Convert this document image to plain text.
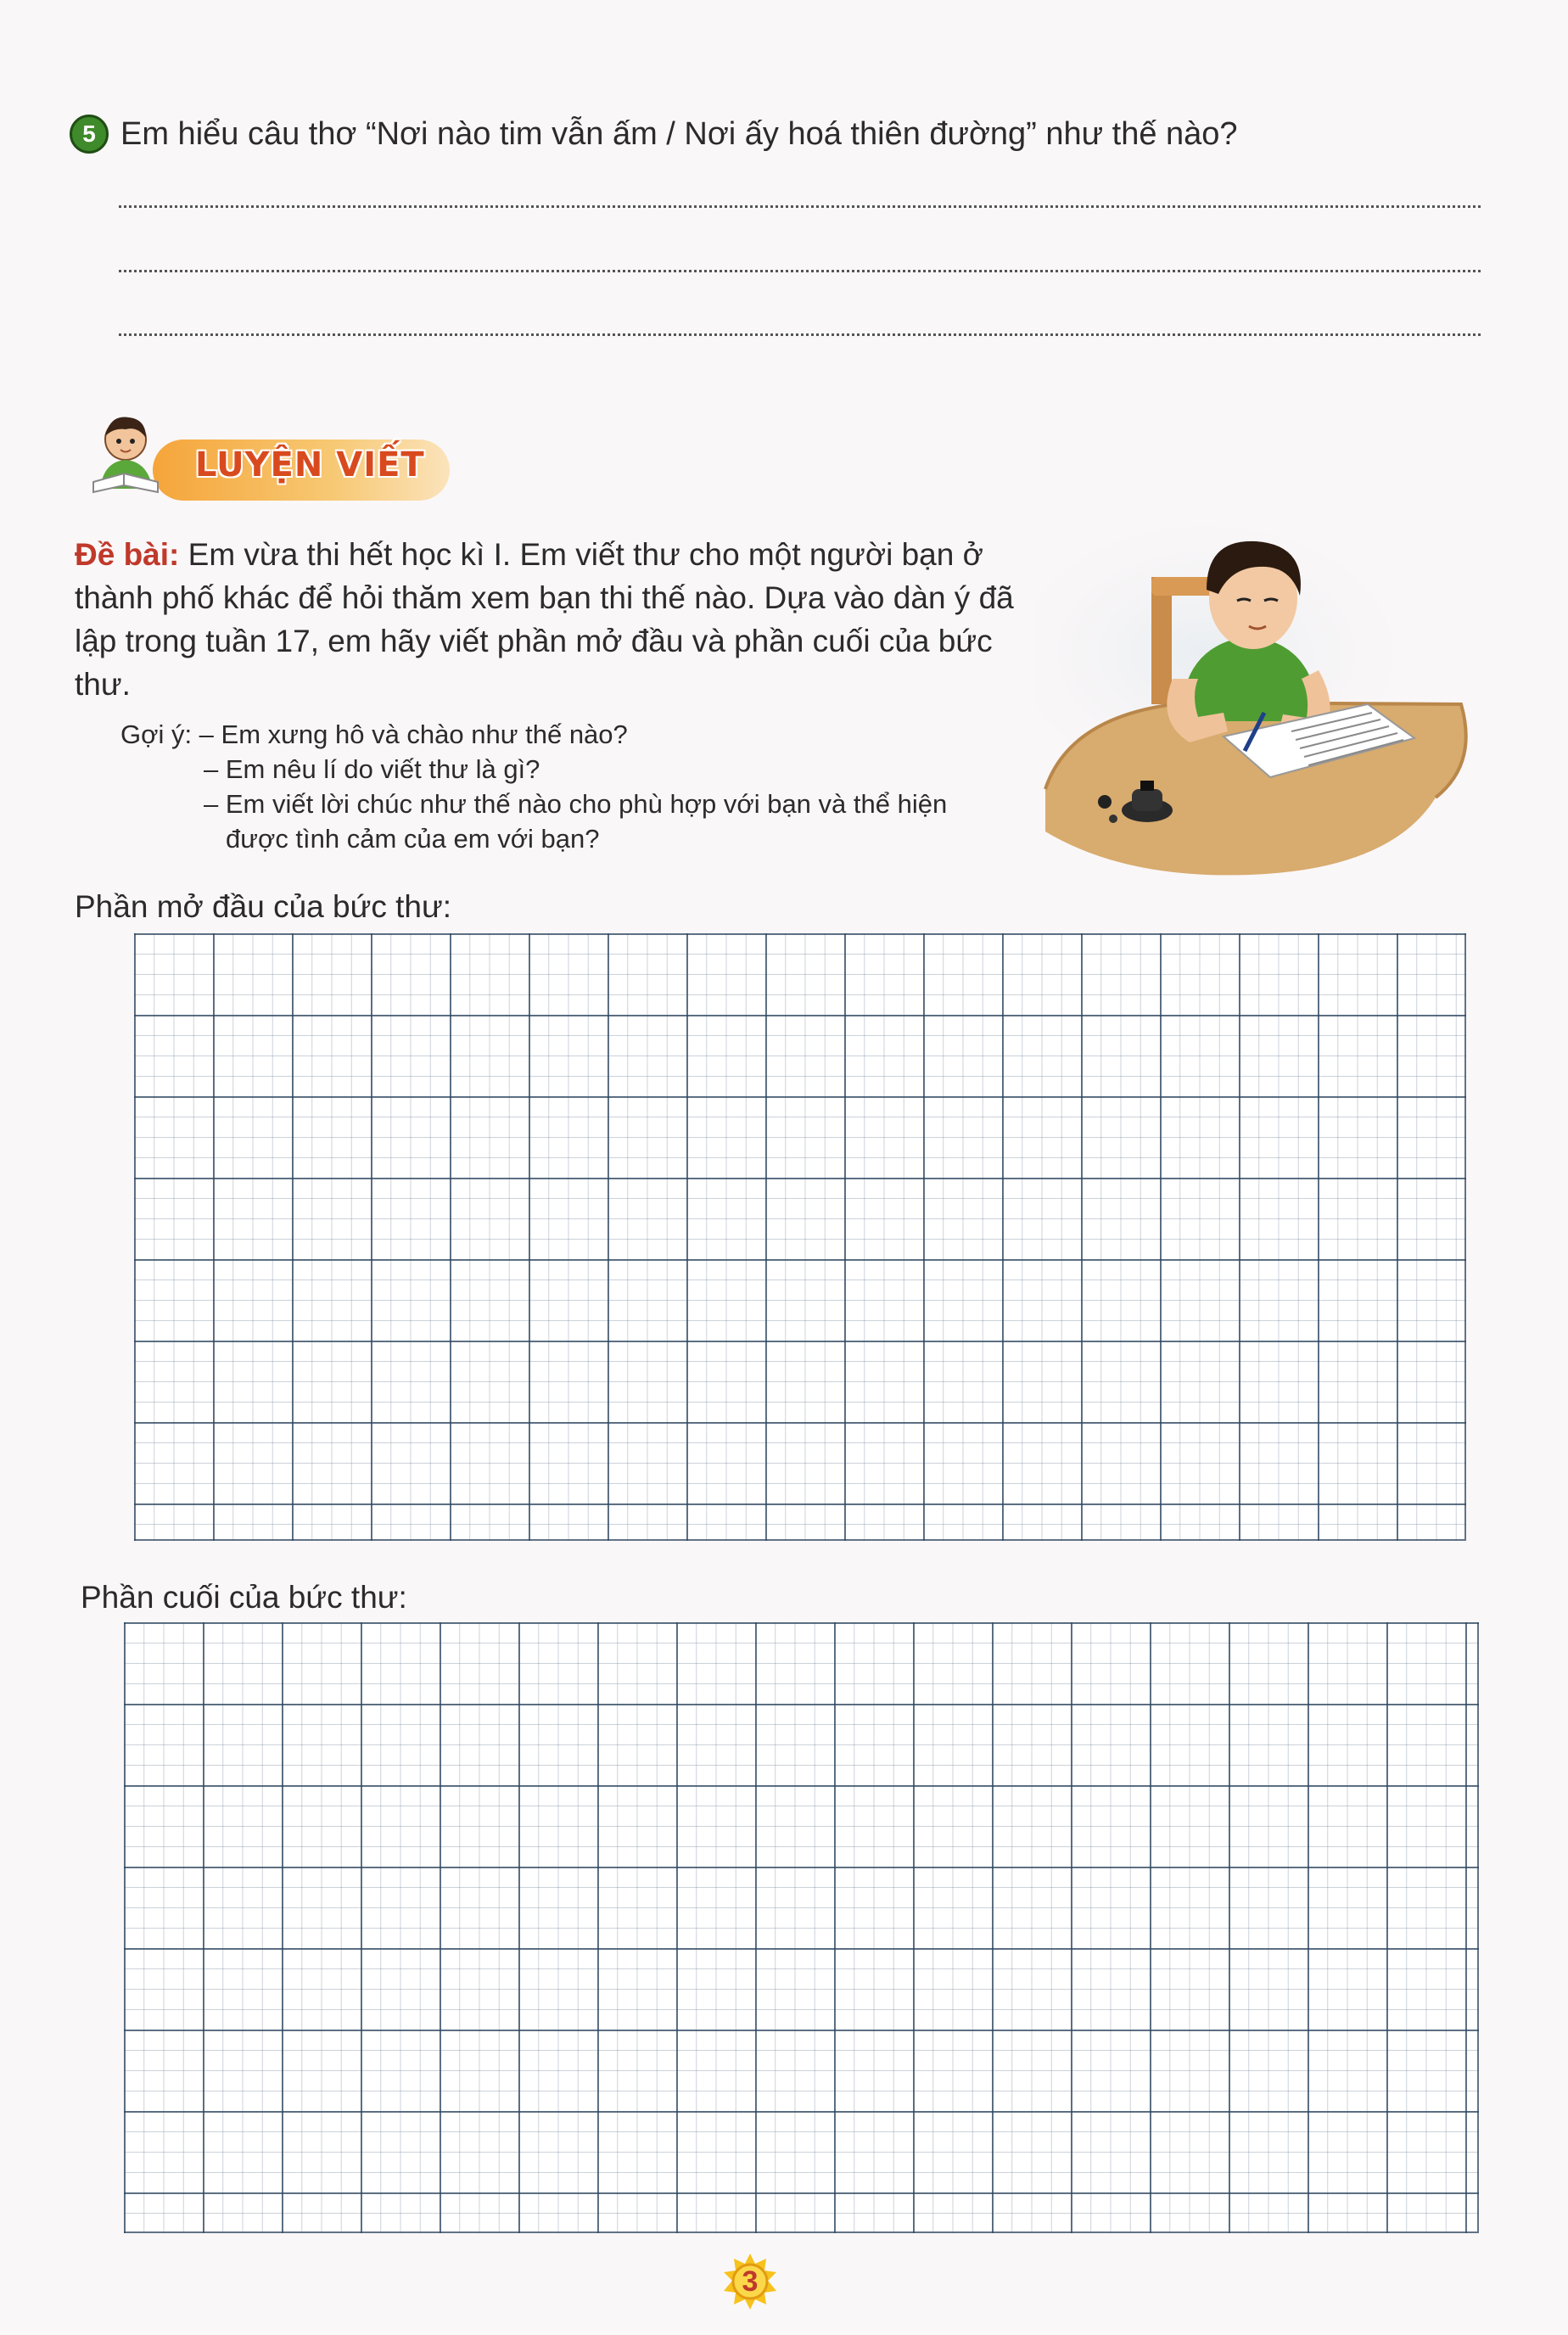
5 Em hiểu câu thơ “Nơi nào tim vẫn ấm / Nơi ấy hoá thiên đường” như thế nào?
LUYỆN VIẾT
Đề bài: Em vừa thi hết học kì I. Em viết thư cho một người bạn ở thành phố khác để hỏi thăm xem bạn thi thế nào. Dựa vào dàn ý đã lập trong tuần 17, em hãy viết phần mở đầu và phần cuối của bức thư.

Gợi ý: – Em xưng hô và chào như thế nào?

– Em nêu lí do viết thư là gì?

– Em viết lời chúc như thế nào cho phù hợp với bạn và thể hiện

được tình cảm của em với bạn?

Phần mở đầu của bức thư:
Phần cuối của bức thư:
3
